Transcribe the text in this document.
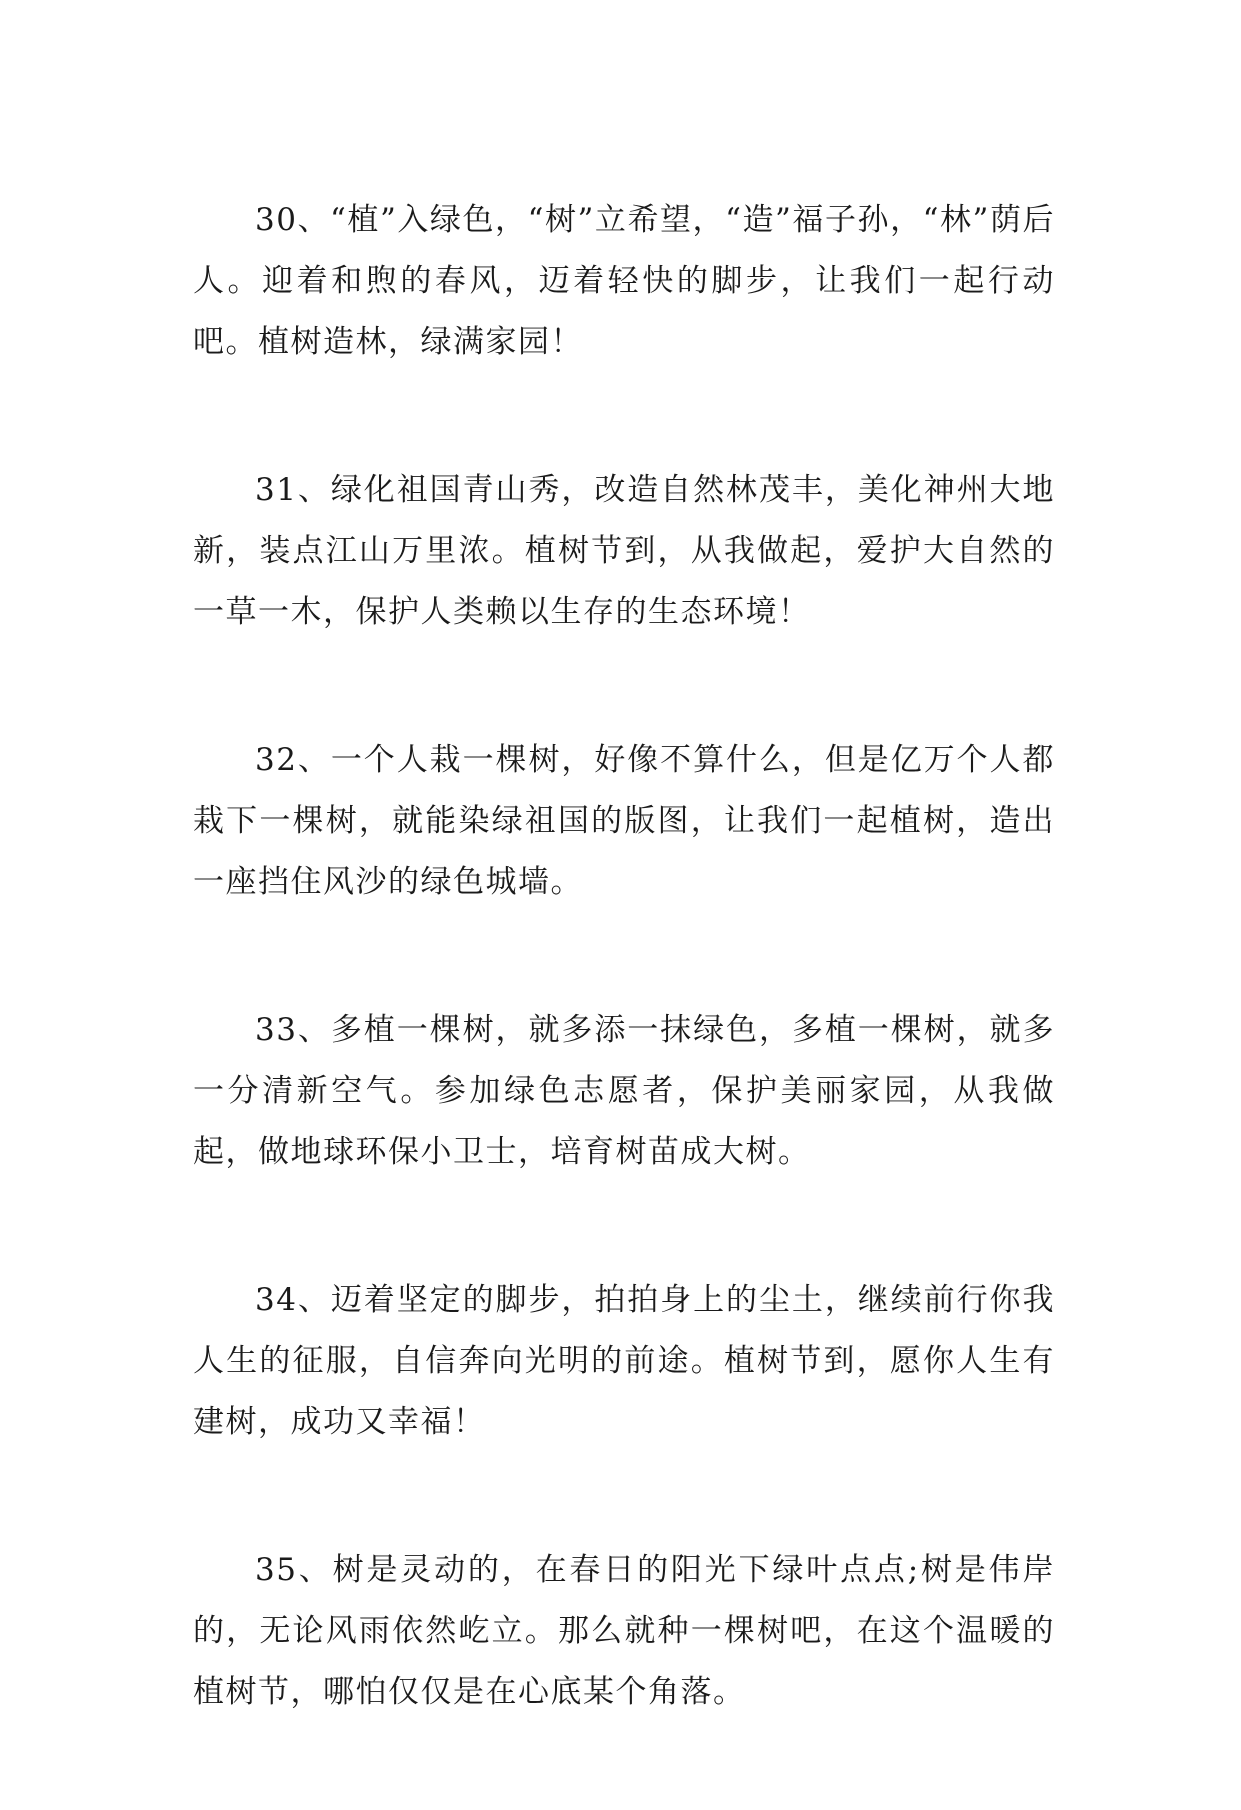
30、“植”入绿色，“树”立希望，“造”福子孙，“林”荫后人。迎着和煦的春风，迈着轻快的脚步，让我们一起行动吧。植树造林，绿满家园！

31、绿化祖国青山秀，改造自然林茂丰，美化神州大地新，装点江山万里浓。植树节到，从我做起，爱护大自然的一草一木，保护人类赖以生存的生态环境！

32、一个人栽一棵树，好像不算什么，但是亿万个人都栽下一棵树，就能染绿祖国的版图，让我们一起植树，造出一座挡住风沙的绿色城墙。

33、多植一棵树，就多添一抹绿色，多植一棵树，就多一分清新空气。参加绿色志愿者，保护美丽家园，从我做起，做地球环保小卫士，培育树苗成大树。

34、迈着坚定的脚步，拍拍身上的尘土，继续前行你我人生的征服，自信奔向光明的前途。植树节到，愿你人生有建树，成功又幸福！

35、树是灵动的，在春日的阳光下绿叶点点;树是伟岸的，无论风雨依然屹立。那么就种一棵树吧，在这个温暖的植树节，哪怕仅仅是在心底某个角落。
